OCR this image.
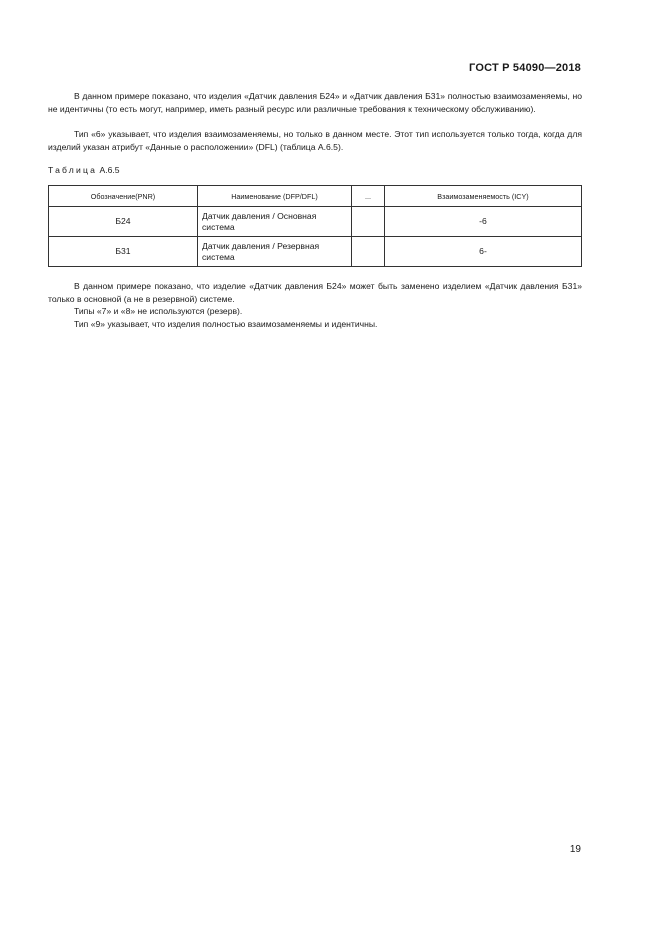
ГОСТ Р 54090—2018

В данном примере показано, что изделия «Датчик давления Б24» и «Датчик давления Б31» полностью взаимозаменяемы, но не идентичны (то есть могут, например, иметь разный ресурс или различные требования к техническому обслуживанию).

Тип «6» указывает, что изделия взаимозаменяемы, но только в данном месте. Этот тип используется только тогда, когда для изделий указан атрибут «Данные о расположении» (DFL) (таблица А.6.5).

Таблица А.6.5
Обозначение(PNR)	Наименование (DFP/DFL)	...	Взаимозаменяемость (ICY)
Б24	Датчик давления / Основная система		-6
Б31	Датчик давления / Резервная система		6-

В данном примере показано, что изделие «Датчик давления Б24» может быть заменено изделием «Датчик давления Б31» только в основной (а не в резервной) системе.

Типы «7» и «8» не используются (резерв).

Тип «9» указывает, что изделия полностью взаимозаменяемы и идентичны.

19
